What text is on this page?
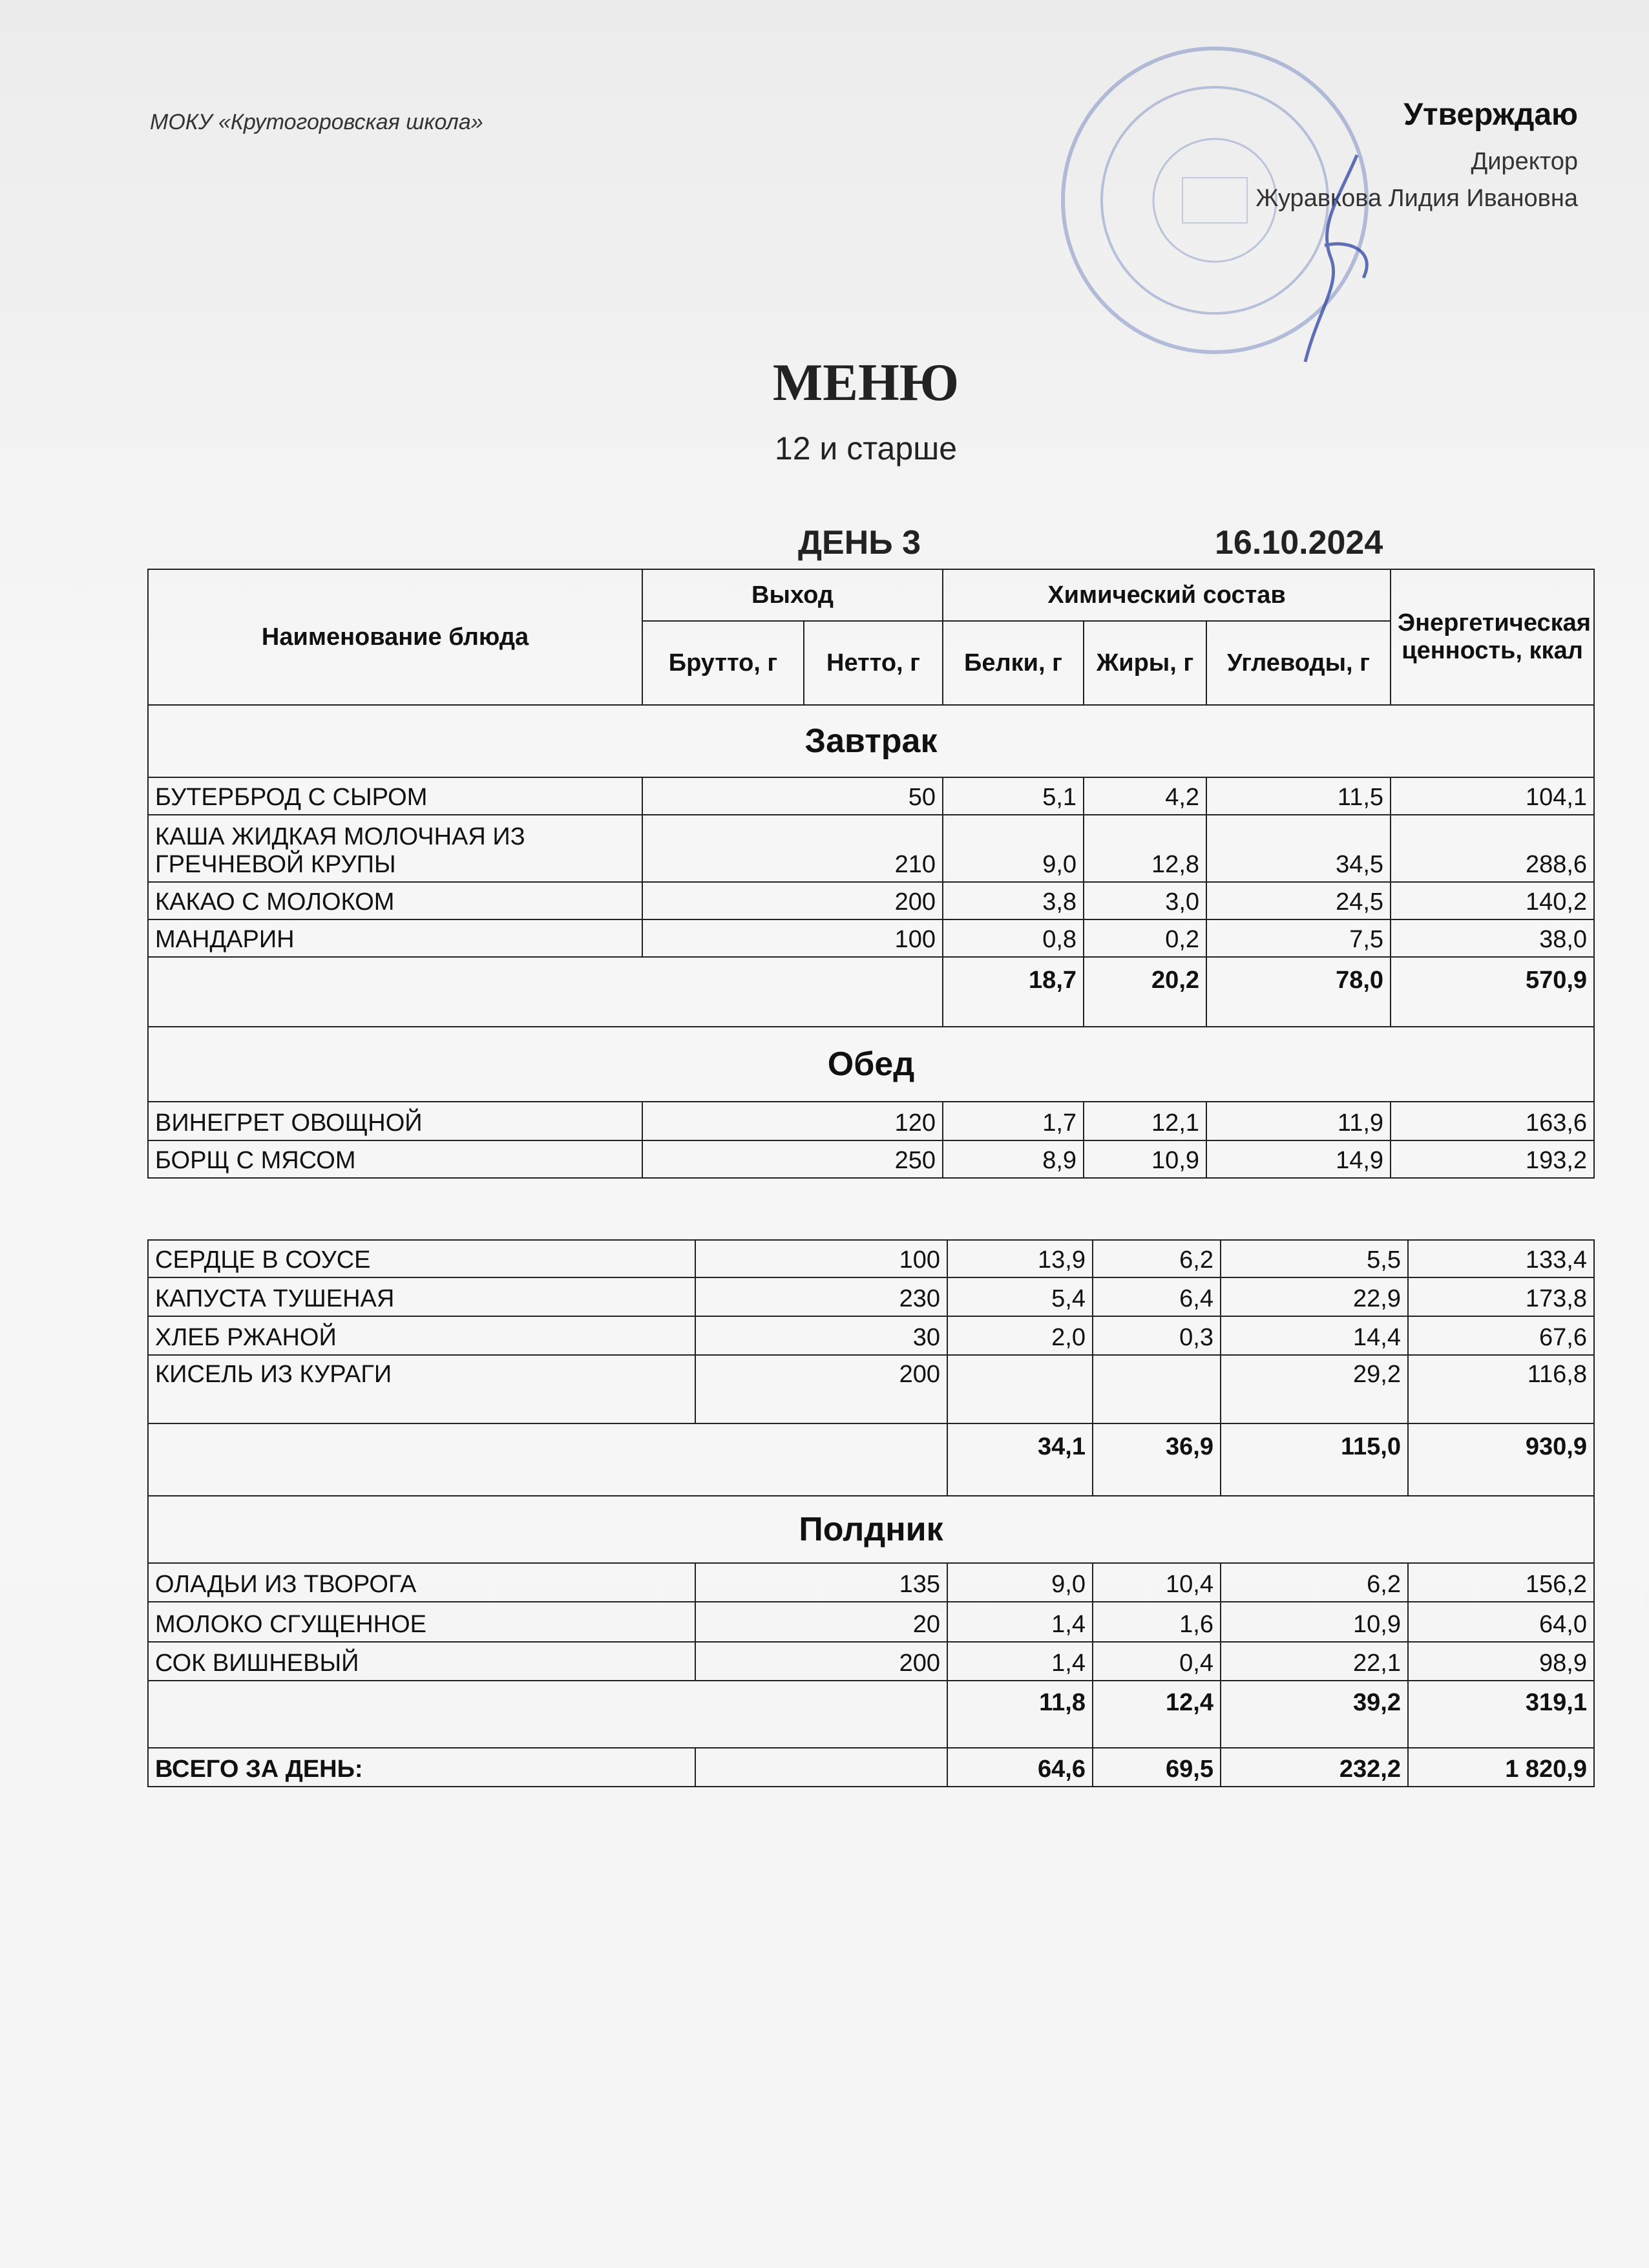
МОКУ «Крутогоровская школа»	Утверждаю
Директор
Журавкова Лидия Ивановна
МЕНЮ
12 и старше
ДЕНЬ 3	16.10.2024
Наименование блюда	Выход		Химический состав			Энергетическая ценность, ккал
	Брутто, г	Нетто, г	Белки, г	Жиры, г	Углеводы, г	
Завтрак						
БУТЕРБРОД С СЫРОМ	50		5,1	4,2	11,5	104,1
КАША ЖИДКАЯ МОЛОЧНАЯ ИЗ ГРЕЧНЕВОЙ КРУПЫ	210		9,0	12,8	34,5	288,6
КАКАО С МОЛОКОМ	200		3,8	3,0	24,5	140,2
МАНДАРИН	100		0,8	0,2	7,5	38,0
			18,7	20,2	78,0	570,9
Обед						
ВИНЕГРЕТ ОВОЩНОЙ	120		1,7	12,1	11,9	163,6
БОРЩ С МЯСОМ	250		8,9	10,9	14,9	193,2
СЕРДЦЕ В СОУСЕ	100	13,9	6,2	5,5	133,4
КАПУСТА ТУШЕНАЯ	230	5,4	6,4	22,9	173,8
ХЛЕБ РЖАНОЙ	30	2,0	0,3	14,4	67,6
КИСЕЛЬ ИЗ КУРАГИ	200			29,2	116,8
		34,1	36,9	115,0	930,9
Полдник					
ОЛАДЬИ ИЗ ТВОРОГА	135	9,0	10,4	6,2	156,2
МОЛОКО СГУЩЕННОЕ	20	1,4	1,6	10,9	64,0
СОК ВИШНЕВЫЙ	200	1,4	0,4	22,1	98,9
		11,8	12,4	39,2	319,1
ВСЕГО ЗА ДЕНЬ:		64,6	69,5	232,2	1 820,9
